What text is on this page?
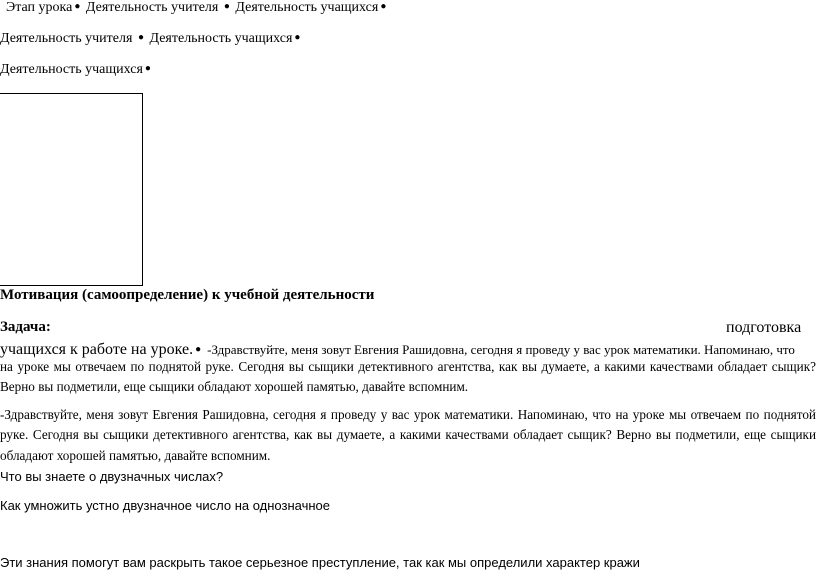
Этап урока ● Деятельность учителя ● Деятельность учащихся ●
Деятельность учителя ● Деятельность учащихся ●
Деятельность учащихся ●
Мотивация (самоопределение) к учебной деятельности
Задача:	подготовка
учащихся к работе на уроке. ● -Здравствуйте, меня зовут Евгения Рашидовна, сегодня я проведу у вас урок математики. Напоминаю, что
на уроке мы отвечаем по поднятой руке. Сегодня вы сыщики детективного агентства, как вы думаете, а какими качествами обладает сыщик? Верно вы подметили, еще сыщики обладают хорошей памятью, давайте вспомним.
-Здравствуйте, меня зовут Евгения Рашидовна, сегодня я проведу у вас урок математики. Напоминаю, что на уроке мы отвечаем по поднятой руке. Сегодня вы сыщики детективного агентства, как вы думаете, а какими качествами обладает сыщик? Верно вы подметили, еще сыщики обладают хорошей памятью, давайте вспомним.
Что вы знаете о двузначных числах?
Как умножить устно двузначное число на однозначное
Эти знания помогут вам раскрыть такое серьезное преступление, так как мы определили характер кражи
